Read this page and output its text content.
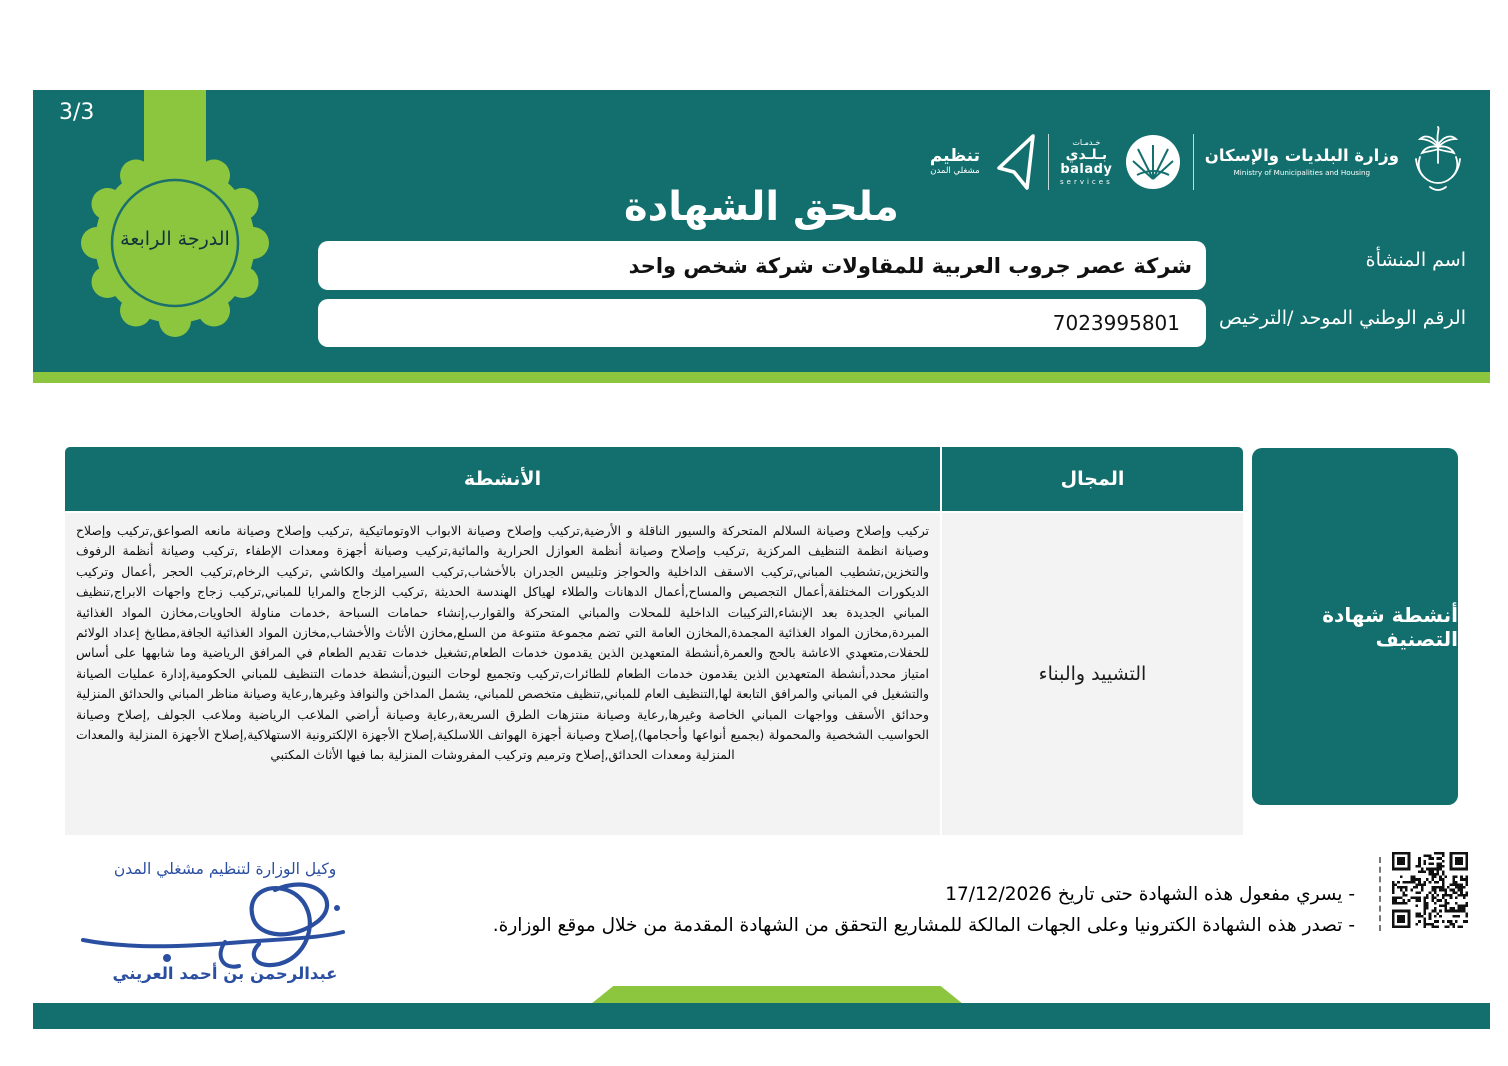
3/3
الدرجة الرابعة
تنظيم
مشغلي المدن
خـدمـات
بـلـدي
balady
services
وزارة البلديات والإسكان
Ministry of Municipalities and Housing
ملحق الشهادة
شركة عصر جروب العربية للمقاولات شركة شخص واحد	اسم المنشأة
7023995801 الرقم الوطني الموحد /الترخيص
أنشطة شهادة التصنيف
المجال
الأنشطة
التشييد والبناء
تركيب وإصلاح وصيانة السلالم المتحركة والسيور الناقلة و الأرضية,تركيب وإصلاح وصيانة الابواب الاوتوماتيكية ,تركيب وإصلاح وصيانة مانعه الصواعق,تركيب وإصلاح وصيانة انظمة التنظيف المركزية ,تركيب وإصلاح وصيانة أنظمة العوازل الحرارية والمائية,تركيب وصيانة أجهزة ومعدات الإطفاء ,تركيب وصيانة أنظمة الرفوف والتخزين,تشطيب المباني,تركيب الاسقف الداخلية والحواجز وتلبيس الجدران بالأخشاب,تركيب السيراميك والكاشي ,تركيب الرخام,تركيب الحجر ,أعمال وتركيب الديكورات المختلفة,أعمال التجصيص والمساح,أعمال الدهانات والطلاء لهياكل الهندسة الحديثة ,تركيب الزجاج والمرايا للمباني,تركيب زجاج واجهات الابراج,تنظيف المباني الجديدة بعد الإنشاء,التركيبات الداخلية للمحلات والمباني المتحركة والقوارب,إنشاء حمامات السباحة ,خدمات مناولة الحاويات,مخازن المواد الغذائية المبردة,مخازن المواد الغذائية المجمدة,المخازن العامة التي تضم مجموعة متنوعة من السلع,مخازن الأثاث والأخشاب,مخازن المواد الغذائية الجافة,مطابخ إعداد الولائم للحفلات,متعهدي الاعاشة بالحج والعمرة,أنشطة المتعهدين الذين يقدمون خدمات الطعام,تشغيل خدمات تقديم الطعام في المرافق الرياضية وما شابهها على أساس امتياز محدد,أنشطة المتعهدين الذين يقدمون خدمات الطعام للطائرات,تركيب وتجميع لوحات النيون,أنشطة خدمات التنظيف للمباني الحكومية,إدارة عمليات الصيانة والتشغيل في المباني والمرافق التابعة لها,التنظيف العام للمباني,تنظيف متخصص للمباني، يشمل المداخن والنوافذ وغيرها,رعاية وصيانة مناظر المباني والحدائق المنزلية وحدائق الأسقف وواجهات المباني الخاصة وغيرها,رعاية وصيانة منتزهات الطرق السريعة,رعاية وصيانة أراضي الملاعب الرياضية وملاعب الجولف ,إصلاح وصيانة الحواسيب الشخصية والمحمولة (بجميع أنواعها وأحجامها),إصلاح وصيانة أجهزة الهواتف اللاسلكية,إصلاح الأجهزة الإلكترونية الاستهلاكية,إصلاح الأجهزة المنزلية والمعدات المنزلية ومعدات الحدائق,إصلاح وترميم وتركيب المفروشات المنزلية بما فيها الأثاث المكتبي

- يسري مفعول هذه الشهادة حتى تاريخ 17/12/2026

- تصدر هذه الشهادة الكترونيا وعلى الجهات المالكة للمشاريع التحقق من الشهادة المقدمة من خلال موقع الوزارة.

وكيل الوزارة لتنظيم مشغلي المدن
عبدالرحمن بن أحمد العريني
